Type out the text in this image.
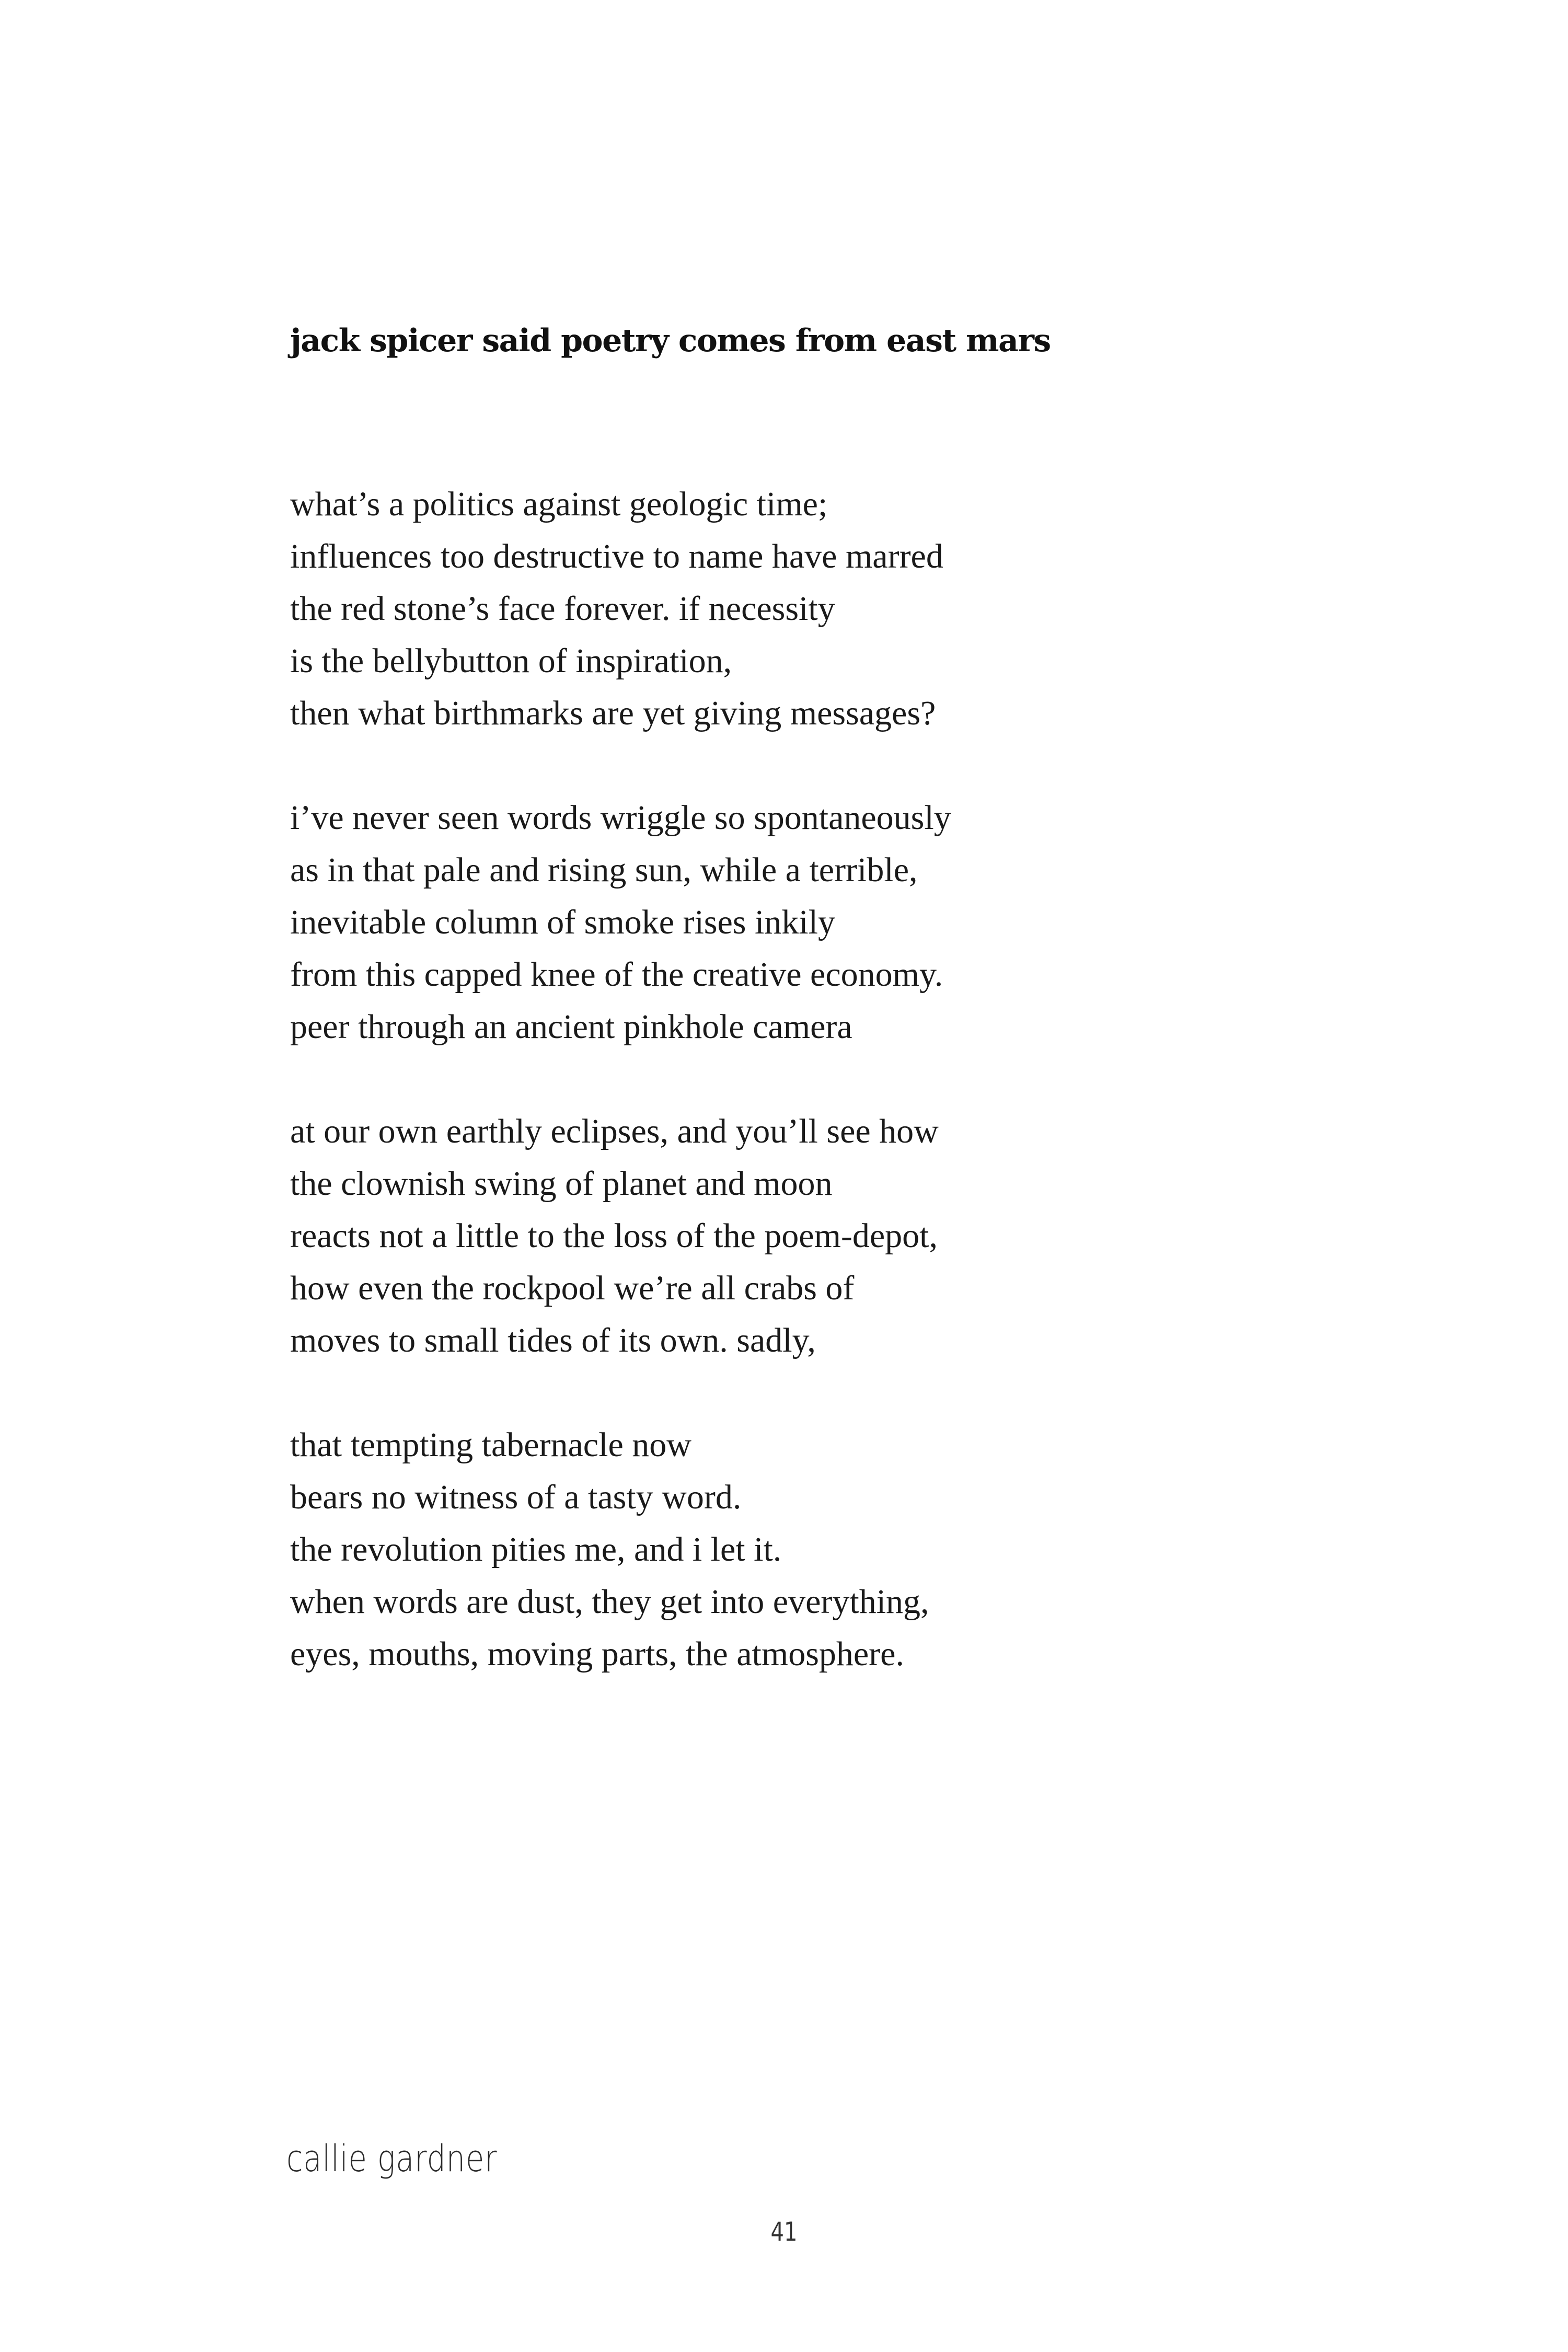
jack spicer said poetry comes from east mars
what’s a politics against geologic time;
influences too destructive to name have marred
the red stone’s face forever. if necessity
is the bellybutton of inspiration,
then what birthmarks are yet giving messages?
i’ve never seen words wriggle so spontaneously
as in that pale and rising sun, while a terrible,
inevitable column of smoke rises inkily
from this capped knee of the creative economy.
peer through an ancient pinkhole camera
at our own earthly eclipses, and you’ll see how
the clownish swing of planet and moon
reacts not a little to the loss of the poem-depot,
how even the rockpool we’re all crabs of
moves to small tides of its own. sadly,
that tempting tabernacle now
bears no witness of a tasty word.
the revolution pities me, and i let it.
when words are dust, they get into everything,
eyes, mouths, moving parts, the atmosphere.
callie gardner
41
